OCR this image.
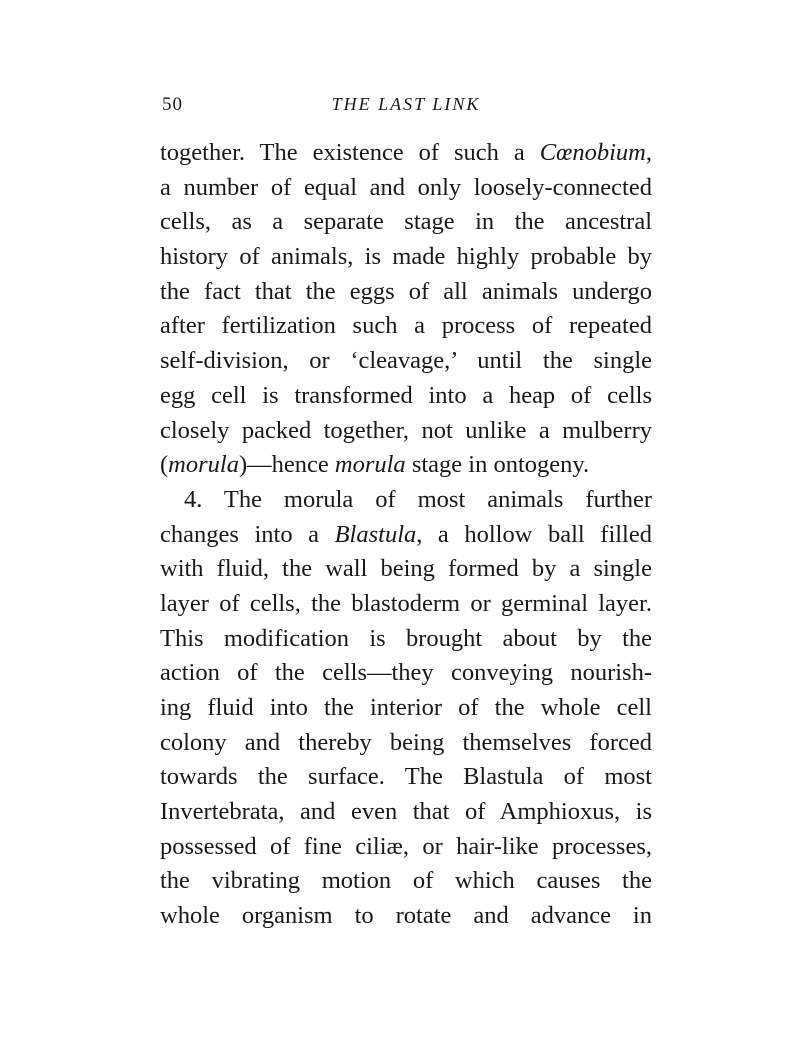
50	THE LAST LINK
together. The existence of such a Cœnobium,
a number of equal and only loosely-connected
cells, as a separate stage in the ancestral
history of animals, is made highly probable by
the fact that the eggs of all animals undergo
after fertilization such a process of repeated
self-division, or ‘cleavage,’ until the single
egg cell is transformed into a heap of cells
closely packed together, not unlike a mulberry
(morula)—hence morula stage in ontogeny.
4. The morula of most animals further
changes into a Blastula, a hollow ball filled
with fluid, the wall being formed by a single
layer of cells, the blastoderm or germinal layer.
This modification is brought about by the
action of the cells—they conveying nourish-
ing fluid into the interior of the whole cell
colony and thereby being themselves forced
towards the surface. The Blastula of most
Invertebrata, and even that of Amphioxus, is
possessed of fine ciliæ, or hair-like processes,
the vibrating motion of which causes the
whole organism to rotate and advance in
